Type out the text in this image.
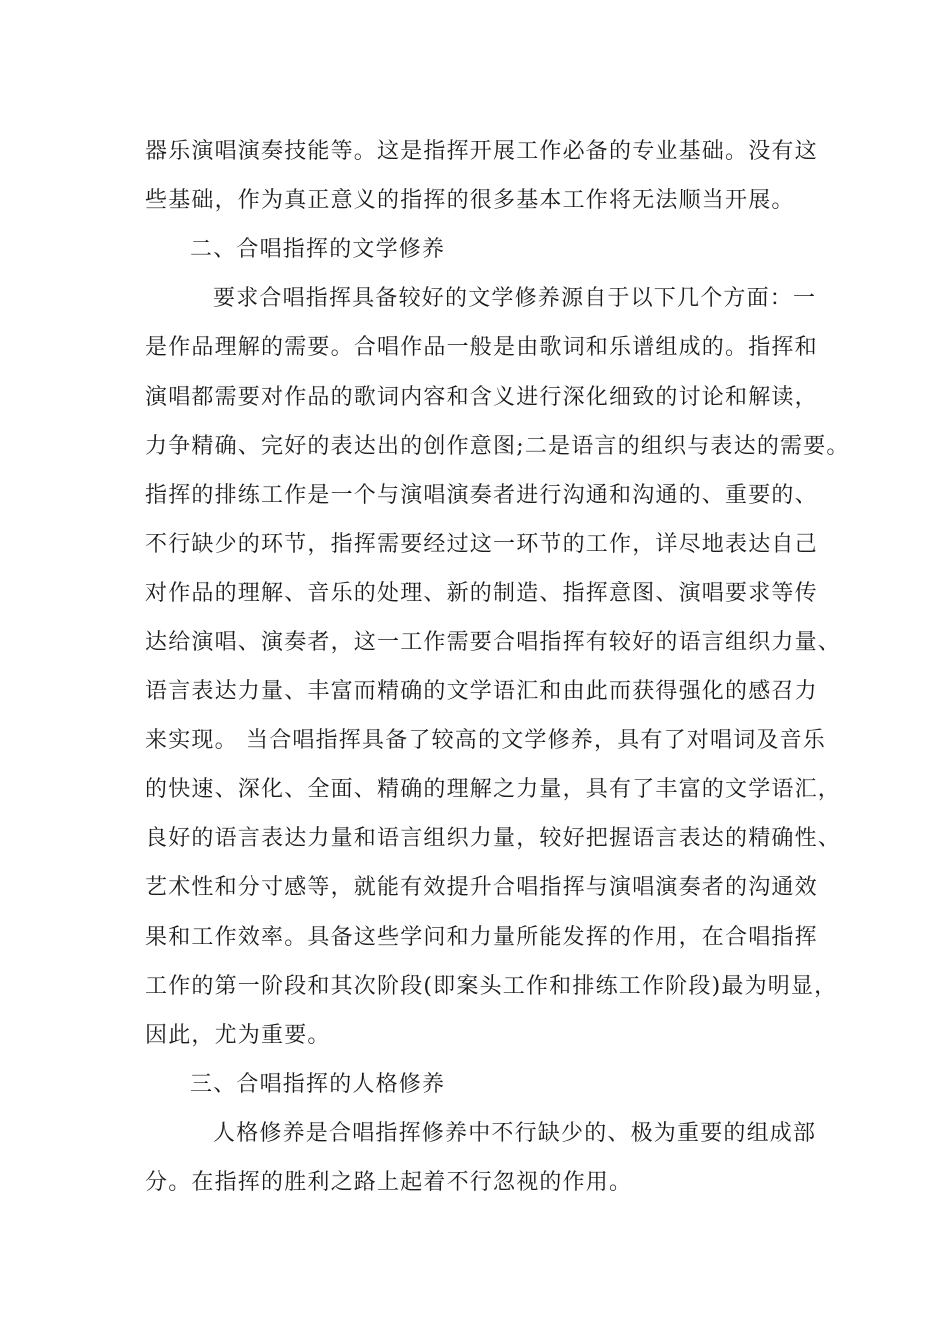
器乐演唱演奏技能等。这是指挥开展工作必备的专业基础。没有这
些基础，作为真正意义的指挥的很多基本工作将无法顺当开展。
二、合唱指挥的文学修养
要求合唱指挥具备较好的文学修养源自于以下几个方面：一
是作品理解的需要。合唱作品一般是由歌词和乐谱组成的。指挥和
演唱都需要对作品的歌词内容和含义进行深化细致的讨论和解读，
力争精确、完好的表达出的创作意图;二是语言的组织与表达的需要。
指挥的排练工作是一个与演唱演奏者进行沟通和沟通的、重要的、
不行缺少的环节，指挥需要经过这一环节的工作，详尽地表达自己
对作品的理解、音乐的处理、新的制造、指挥意图、演唱要求等传
达给演唱、演奏者，这一工作需要合唱指挥有较好的语言组织力量、
语言表达力量、丰富而精确的文学语汇和由此而获得强化的感召力
来实现。 当合唱指挥具备了较高的文学修养，具有了对唱词及音乐
的快速、深化、全面、精确的理解之力量，具有了丰富的文学语汇，
良好的语言表达力量和语言组织力量，较好把握语言表达的精确性、
艺术性和分寸感等，就能有效提升合唱指挥与演唱演奏者的沟通效
果和工作效率。具备这些学问和力量所能发挥的作用，在合唱指挥
工作的第一阶段和其次阶段(即案头工作和排练工作阶段)最为明显，
因此，尤为重要。
三、合唱指挥的人格修养
人格修养是合唱指挥修养中不行缺少的、极为重要的组成部
分。在指挥的胜利之路上起着不行忽视的作用。
